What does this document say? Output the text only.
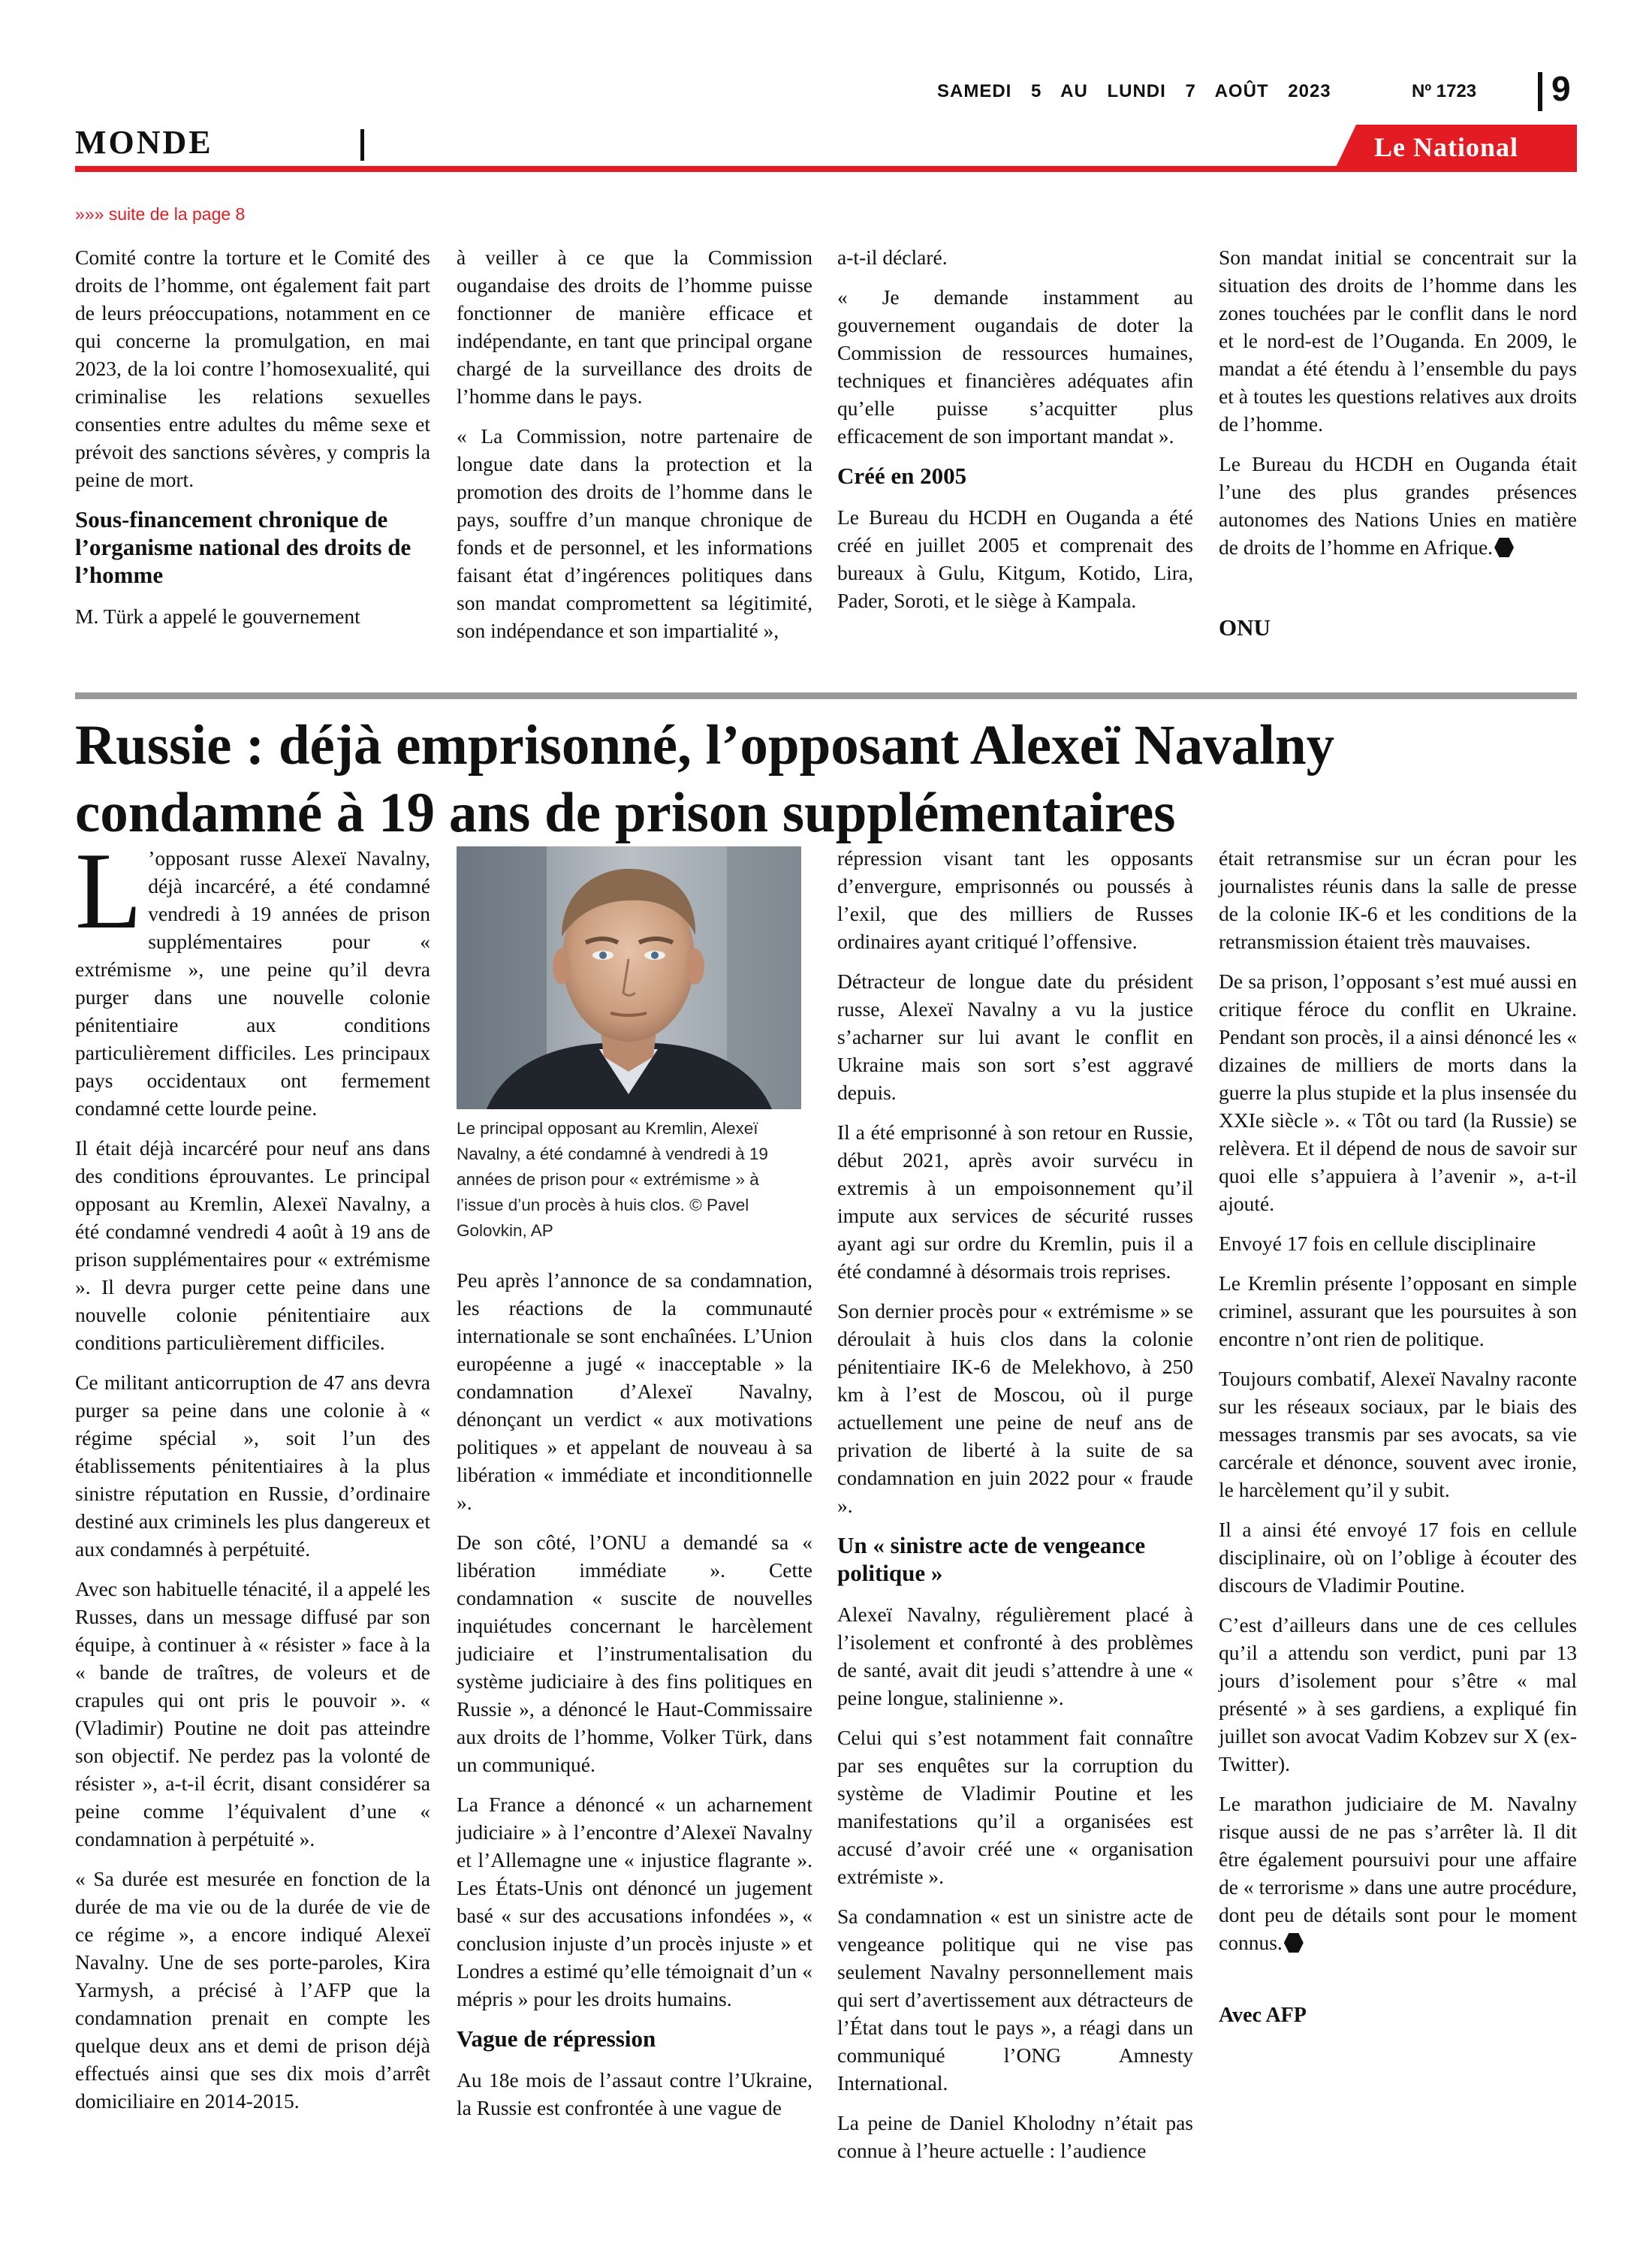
SAMEDI 5 AU LUNDI 7 AOÛT 2023	Nº 1723 9
MONDE	Le National
»»» suite de la page 8

Comité contre la torture et le Comité des droits de l’homme, ont également fait part de leurs préoccupations, notamment en ce qui concerne la promulgation, en mai 2023, de la loi contre l’homosexualité, qui criminalise les relations sexuelles consenties entre adultes du même sexe et prévoit des sanctions sévères, y compris la peine de mort.

Sous-financement chronique de l’organisme national des droits de l’homme

M. Türk a appelé le gouvernement

à veiller à ce que la Commission ougandaise des droits de l’homme puisse fonctionner de manière efficace et indépendante, en tant que principal organe chargé de la surveillance des droits de l’homme dans le pays.

« La Commission, notre partenaire de longue date dans la protection et la promotion des droits de l’homme dans le pays, souffre d’un manque chronique de fonds et de personnel, et les informations faisant état d’ingérences politiques dans son mandat compromettent sa légitimité, son indépendance et son impartialité »,

a-t-il déclaré.

« Je demande instamment au gouvernement ougandais de doter la Commission de ressources humaines, techniques et financières adéquates afin qu’elle puisse s’acquitter plus efficacement de son important mandat ».

Créé en 2005

Le Bureau du HCDH en Ouganda a été créé en juillet 2005 et comprenait des bureaux à Gulu, Kitgum, Kotido, Lira, Pader, Soroti, et le siège à Kampala.

Son mandat initial se concentrait sur la situation des droits de l’homme dans les zones touchées par le conflit dans le nord et le nord-est de l’Ouganda. En 2009, le mandat a été étendu à l’ensemble du pays et à toutes les questions relatives aux droits de l’homme.

Le Bureau du HCDH en Ouganda était l’une des plus grandes présences autonomes des Nations Unies en matière de droits de l’homme en Afrique.

ONU

Russie : déjà emprisonné, l’opposant Alexeï Navalny condamné à 19 ans de prison supplémentaires

L ’opposant russe Alexeï Navalny, déjà incarcéré, a été condamné vendredi à 19 années de prison supplémentaires pour « extrémisme », une peine qu’il devra purger dans une nouvelle colonie pénitentiaire aux conditions particulièrement difficiles. Les principaux pays occidentaux ont fermement condamné cette lourde peine.

Il était déjà incarcéré pour neuf ans dans des conditions éprouvantes. Le principal opposant au Kremlin, Alexeï Navalny, a été condamné vendredi 4 août à 19 ans de prison supplémentaires pour « extrémisme ». Il devra purger cette peine dans une nouvelle colonie pénitentiaire aux conditions particulièrement difficiles.

Ce militant anticorruption de 47 ans devra purger sa peine dans une colonie à « régime spécial », soit l’un des établissements pénitentiaires à la plus sinistre réputation en Russie, d’ordinaire destiné aux criminels les plus dangereux et aux condamnés à perpétuité.

Avec son habituelle ténacité, il a appelé les Russes, dans un message diffusé par son équipe, à continuer à « résister » face à la « bande de traîtres, de voleurs et de crapules qui ont pris le pouvoir ». « (Vladimir) Poutine ne doit pas atteindre son objectif. Ne perdez pas la volonté de résister », a-t-il écrit, disant considérer sa peine comme l’équivalent d’une « condamnation à perpétuité ».

« Sa durée est mesurée en fonction de la durée de ma vie ou de la durée de vie de ce régime », a encore indiqué Alexeï Navalny. Une de ses porte-paroles, Kira Yarmysh, a précisé à l’AFP que la condamnation prenait en compte les quelque deux ans et demi de prison déjà effectués ainsi que ses dix mois d’arrêt domiciliaire en 2014-2015.

Le principal opposant au Kremlin, Alexeï Navalny, a été condamné à vendredi à 19 années de prison pour « extrémisme » à l’issue d’un procès à huis clos. © Pavel Golovkin, AP

Peu après l’annonce de sa condamnation, les réactions de la communauté internationale se sont enchaînées. L’Union européenne a jugé « inacceptable » la condamnation d’Alexeï Navalny, dénonçant un verdict « aux motivations politiques » et appelant de nouveau à sa libération « immédiate et inconditionnelle ».

De son côté, l’ONU a demandé sa « libération immédiate ». Cette condamnation « suscite de nouvelles inquiétudes concernant le harcèlement judiciaire et l’instrumentalisation du système judiciaire à des fins politiques en Russie », a dénoncé le Haut-Commissaire aux droits de l’homme, Volker Türk, dans un communiqué.

La France a dénoncé « un acharnement judiciaire » à l’encontre d’Alexeï Navalny et l’Allemagne une « injustice flagrante ». Les États-Unis ont dénoncé un jugement basé « sur des accusations infondées », « conclusion injuste d’un procès injuste » et Londres a estimé qu’elle témoignait d’un « mépris » pour les droits humains.

Vague de répression

Au 18e mois de l’assaut contre l’Ukraine, la Russie est confrontée à une vague de

répression visant tant les opposants d’envergure, emprisonnés ou poussés à l’exil, que des milliers de Russes ordinaires ayant critiqué l’offensive.

Détracteur de longue date du président russe, Alexeï Navalny a vu la justice s’acharner sur lui avant le conflit en Ukraine mais son sort s’est aggravé depuis.

Il a été emprisonné à son retour en Russie, début 2021, après avoir survécu in extremis à un empoisonnement qu’il impute aux services de sécurité russes ayant agi sur ordre du Kremlin, puis il a été condamné à désormais trois reprises.

Son dernier procès pour « extrémisme » se déroulait à huis clos dans la colonie pénitentiaire IK-6 de Melekhovo, à 250 km à l’est de Moscou, où il purge actuellement une peine de neuf ans de privation de liberté à la suite de sa condamnation en juin 2022 pour « fraude ».

Un « sinistre acte de vengeance politique »

Alexeï Navalny, régulièrement placé à l’isolement et confronté à des problèmes de santé, avait dit jeudi s’attendre à une « peine longue, stalinienne ».

Celui qui s’est notamment fait connaître par ses enquêtes sur la corruption du système de Vladimir Poutine et les manifestations qu’il a organisées est accusé d’avoir créé une « organisation extrémiste ».

Sa condamnation « est un sinistre acte de vengeance politique qui ne vise pas seulement Navalny personnellement mais qui sert d’avertissement aux détracteurs de l’État dans tout le pays », a réagi dans un communiqué l’ONG Amnesty International.

La peine de Daniel Kholodny n’était pas connue à l’heure actuelle : l’audience

était retransmise sur un écran pour les journalistes réunis dans la salle de presse de la colonie IK-6 et les conditions de la retransmission étaient très mauvaises.

De sa prison, l’opposant s’est mué aussi en critique féroce du conflit en Ukraine. Pendant son procès, il a ainsi dénoncé les « dizaines de milliers de morts dans la guerre la plus stupide et la plus insensée du XXIe siècle ». « Tôt ou tard (la Russie) se relèvera. Et il dépend de nous de savoir sur quoi elle s’appuiera à l’avenir », a-t-il ajouté.

Envoyé 17 fois en cellule disciplinaire

Le Kremlin présente l’opposant en simple criminel, assurant que les poursuites à son encontre n’ont rien de politique.

Toujours combatif, Alexeï Navalny raconte sur les réseaux sociaux, par le biais des messages transmis par ses avocats, sa vie carcérale et dénonce, souvent avec ironie, le harcèlement qu’il y subit.

Il a ainsi été envoyé 17 fois en cellule disciplinaire, où on l’oblige à écouter des discours de Vladimir Poutine.

C’est d’ailleurs dans une de ces cellules qu’il a attendu son verdict, puni par 13 jours d’isolement pour s’être « mal présenté » à ses gardiens, a expliqué fin juillet son avocat Vadim Kobzev sur X (ex-Twitter).

Le marathon judiciaire de M. Navalny risque aussi de ne pas s’arrêter là. Il dit être également poursuivi pour une affaire de « terrorisme » dans une autre procédure, dont peu de détails sont pour le moment connus.

Avec AFP
